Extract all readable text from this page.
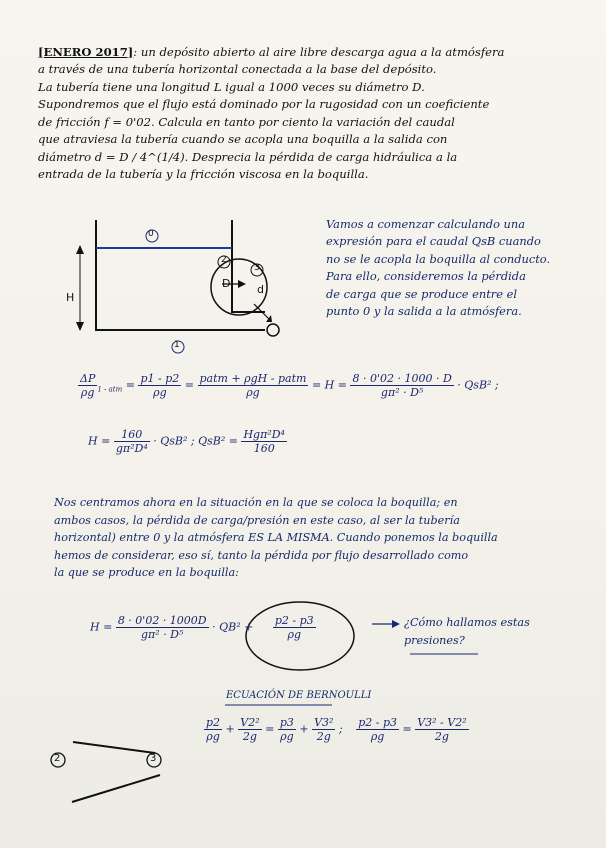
[ENERO 2017]: un depósito abierto al aire libre descarga agua a la atmósfera
a través de una tubería horizontal conectada a la base del depósito.
La tubería tiene una longitud L igual a 1000 veces su diámetro D.
Supondremos que el flujo está dominado por la rugosidad con un coeficiente
de fricción f = 0'02. Calcula en tanto por ciento la variación del caudal
que atraviesa la tubería cuando se acopla una boquilla a la salida con
diámetro d = D / 4^(1/4). Desprecia la pérdida de carga hidráulica a la
entrada de la tubería y la fricción viscosa en la boquilla.

0
1
2
3
H
D d
Vamos a comenzar calculando una
expresión para el caudal QsB cuando
no se le acopla la boquilla al conducto.
Para ello, consideremos la pérdida
de carga que se produce entre el
punto 0 y la salida a la atmósfera.
$\frac{\Delta P}{\rho g} _{1 - atm} = \frac{p1 - p2}{\rho g} = \frac{\text{patm + ρgH - patm}}{\rho g} = H = \frac{8 \cdot 0'02 \cdot 1000 \cdot D}{\text{gπ² · D⁵}} \cdot QsB^2$ ;
$H = \frac{160}{\text{gπ²D⁴}} \cdot QsB^2$ ; $QsB^2 = \frac{\text{Hgπ²D⁴}}{160}$
Nos centramos ahora en la situación en la que se coloca la boquilla; en
ambos casos, la pérdida de carga/presión en este caso, al ser la tubería
horizontal) entre 0 y la atmósfera ES LA MISMA. Cuando ponemos la boquilla
hemos de considerar, eso sí, tanto la pérdida por flujo desarrollado como
la que se produce en la boquilla:
$H = \frac{8 \cdot 0'02 \cdot 1000D}{\text{gπ² · D⁵}} \cdot QB^2 + \frac{p2 - p3}{\rho g}$	¿Cómo hallamos estas
presiones?
ECUACIÓN DE BERNOULLI
$\frac{p2}{\rho g} + \frac{\text{V2²}}{2g} = \frac{p3}{\rho g} + \frac{\text{V3²}}{2g}$ ; $\frac{p2 - p3}{\rho g} = \frac{\text{V3² - V2²}}{2g}$
2	3
